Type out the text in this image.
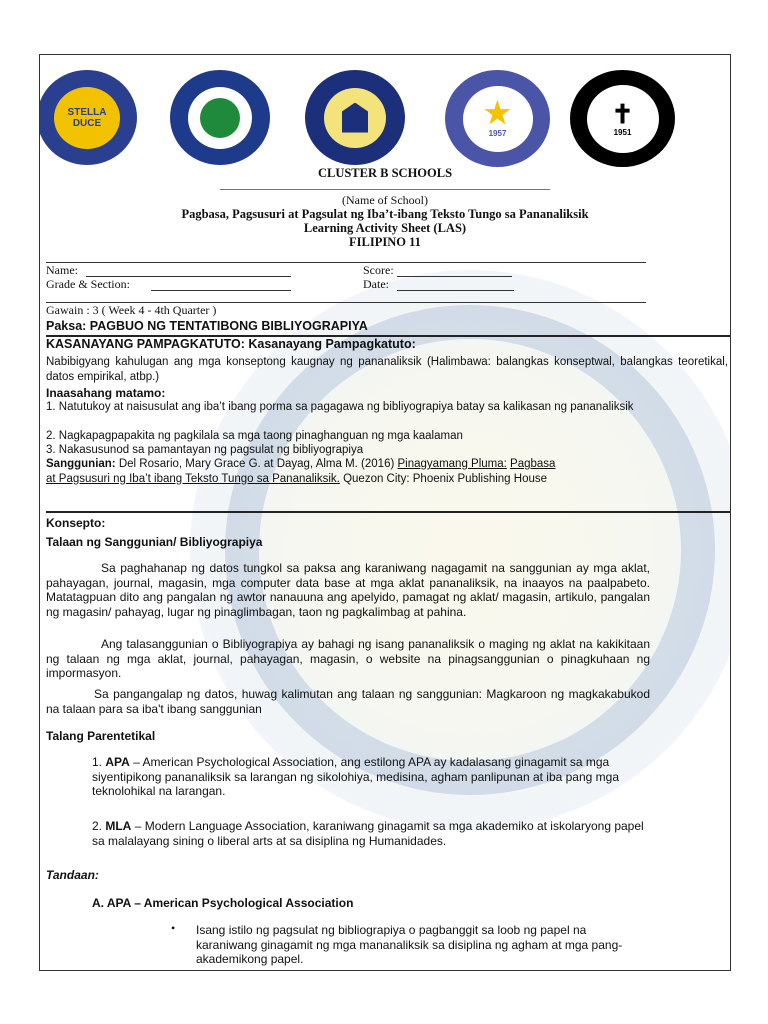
STELLA DUCE	★
1957
✝
1951
CLUSTER B SCHOOLS
_______________________________________________________
(Name of School)
Pagbasa, Pagsusuri at Pagsulat ng Iba’t-ibang Teksto Tungo sa Pananaliksik
Learning Activity Sheet (LAS)
FILIPINO 11
Name:	Score:
Grade & Section:	Date:
Gawain : 3 ( Week 4 - 4th Quarter )
Paksa: PAGBUO NG TENTATIBONG BIBLIYOGRAPIYA
KASANAYANG PAMPAGKATUTO: Kasanayang Pampagkatuto:
Nabibigyang kahulugan ang mga konseptong kaugnay ng pananaliksik (Halimbawa: balangkas konseptwal, balangkas teoretikal, datos empirikal, atbp.)
Inaasahang matamo:
1. Natutukoy at naisusulat ang iba’t ibang porma sa pagagawa ng bibliyograpiya batay sa kalikasan ng pananaliksik
2. Nagkapagpapakita ng pagkilala sa mga taong pinaghanguan ng mga kaalaman
3. Nakasusunod sa pamantayan ng pagsulat ng bibliyograpiya
Sanggunian: Del Rosario, Mary Grace G. at Dayag, Alma M. (2016) Pinagyamang Pluma: Pagbasa at Pagsusuri ng Iba’t ibang Teksto Tungo sa Pananaliksik. Quezon City: Phoenix Publishing House
Konsepto:
Talaan ng Sanggunian/ Bibliyograpiya
Sa paghahanap ng datos tungkol sa paksa ang karaniwang nagagamit na sanggunian ay mga aklat, pahayagan, journal, magasin, mga computer data base at mga aklat pananaliksik, na inaayos na paalpabeto. Matatagpuan dito ang pangalan ng awtor nanauuna ang apelyido, pamagat ng aklat/ magasin, artikulo, pangalan ng magasin/ pahayag, lugar ng pinaglimbagan, taon ng pagkalimbag at pahina.
Ang talasanggunian o Bibliyograpiya ay bahagi ng isang pananaliksik o maging ng aklat na kakikitaan ng talaan ng mga aklat, journal, pahayagan, magasin, o website na pinagsanggunian o pinagkuhaan ng impormasyon.
Sa pangangalap ng datos, huwag kalimutan ang talaan ng sanggunian: Magkaroon ng magkakabukod na talaan para sa iba't ibang sanggunian
Talang Parentetikal
1. APA – American Psychological Association, ang estilong APA ay kadalasang ginagamit sa mga siyentipikong pananaliksik sa larangan ng sikolohiya, medisina, agham panlipunan at iba pang mga teknolohikal na larangan.
2. MLA – Modern Language Association, karaniwang ginagamit sa mga akademiko at iskolaryong papel sa malalayang sining o liberal arts at sa disiplina ng Humanidades.
Tandaan:
A. APA – American Psychological Association
• Isang istilo ng pagsulat ng bibliograpiya o pagbanggit sa loob ng papel na karaniwang ginagamit ng mga mananaliksik sa disiplina ng agham at mga pang-akademikong papel.
